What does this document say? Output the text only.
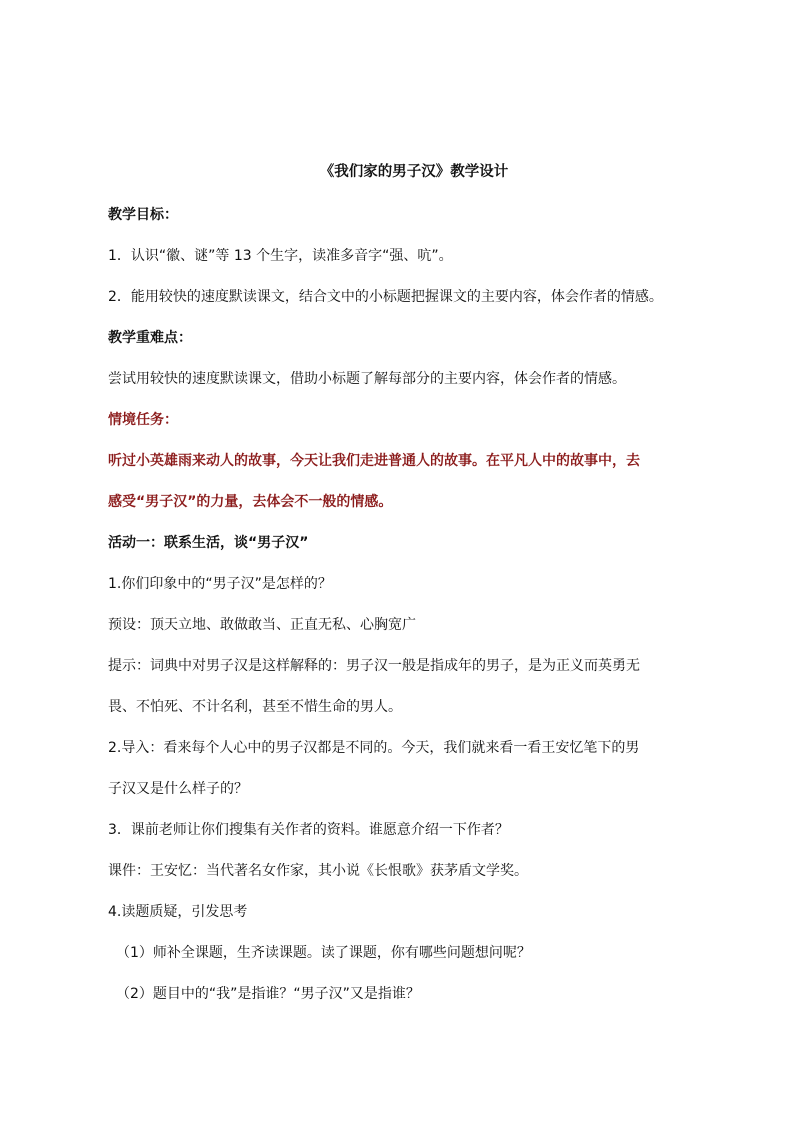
《我们家的男子汉》教学设计

教学目标：

1．认识“徽、谜”等 13 个生字，读准多音字“强、吭”。

2．能用较快的速度默读课文，结合文中的小标题把握课文的主要内容，体会作者的情感。

教学重难点：

尝试用较快的速度默读课文，借助小标题了解每部分的主要内容，体会作者的情感。

情境任务：

听过小英雄雨来动人的故事，今天让我们走进普通人的故事。在平凡人中的故事中，去

感受“男子汉”的力量，去体会不一般的情感。

活动一：联系生活，谈“男子汉”

1.你们印象中的“男子汉”是怎样的？

预设：顶天立地、敢做敢当、正直无私、心胸宽广

提示：词典中对男子汉是这样解释的：男子汉一般是指成年的男子，是为正义而英勇无

畏、不怕死、不计名利，甚至不惜生命的男人。

2.导入：看来每个人心中的男子汉都是不同的。今天，我们就来看一看王安忆笔下的男

子汉又是什么样子的？

3．课前老师让你们搜集有关作者的资料。谁愿意介绍一下作者？

课件：王安忆：当代著名女作家，其小说《长恨歌》获茅盾文学奖。

4.读题质疑，引发思考

（1）师补全课题，生齐读课题。读了课题，你有哪些问题想问呢？

（2）题目中的“我”是指谁？“男子汉”又是指谁？
